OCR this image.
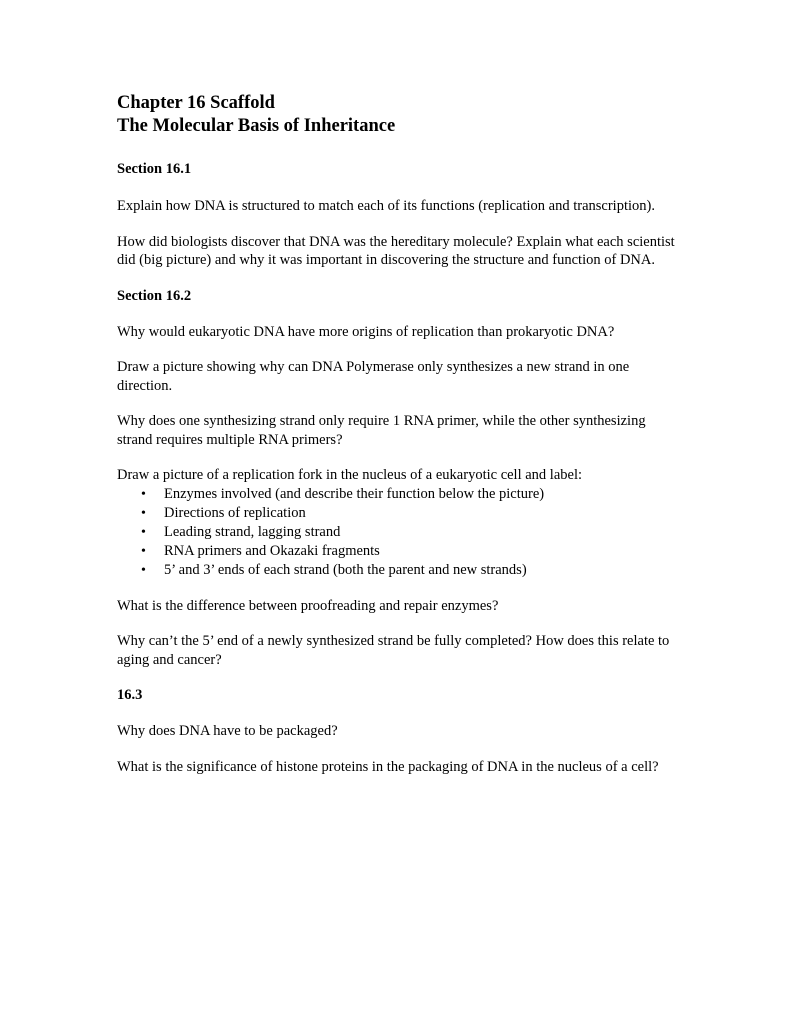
Chapter 16 Scaffold
The Molecular Basis of Inheritance
Section 16.1

Explain how DNA is structured to match each of its functions (replication and transcription).

How did biologists discover that DNA was the hereditary molecule? Explain what each scientist did (big picture) and why it was important in discovering the structure and function of DNA.

Section 16.2

Why would eukaryotic DNA have more origins of replication than prokaryotic DNA?

Draw a picture showing why can DNA Polymerase only synthesizes a new strand in one direction.

Why does one synthesizing strand only require 1 RNA primer, while the other synthesizing strand requires multiple RNA primers?

Draw a picture of a replication fork in the nucleus of a eukaryotic cell and label:

• Enzymes involved (and describe their function below the picture)
• Directions of replication
• Leading strand, lagging strand
• RNA primers and Okazaki fragments
• 5’ and 3’ ends of each strand (both the parent and new strands)

What is the difference between proofreading and repair enzymes?

Why can’t the 5’ end of a newly synthesized strand be fully completed? How does this relate to aging and cancer?

16.3

Why does DNA have to be packaged?

What is the significance of histone proteins in the packaging of DNA in the nucleus of a cell?
